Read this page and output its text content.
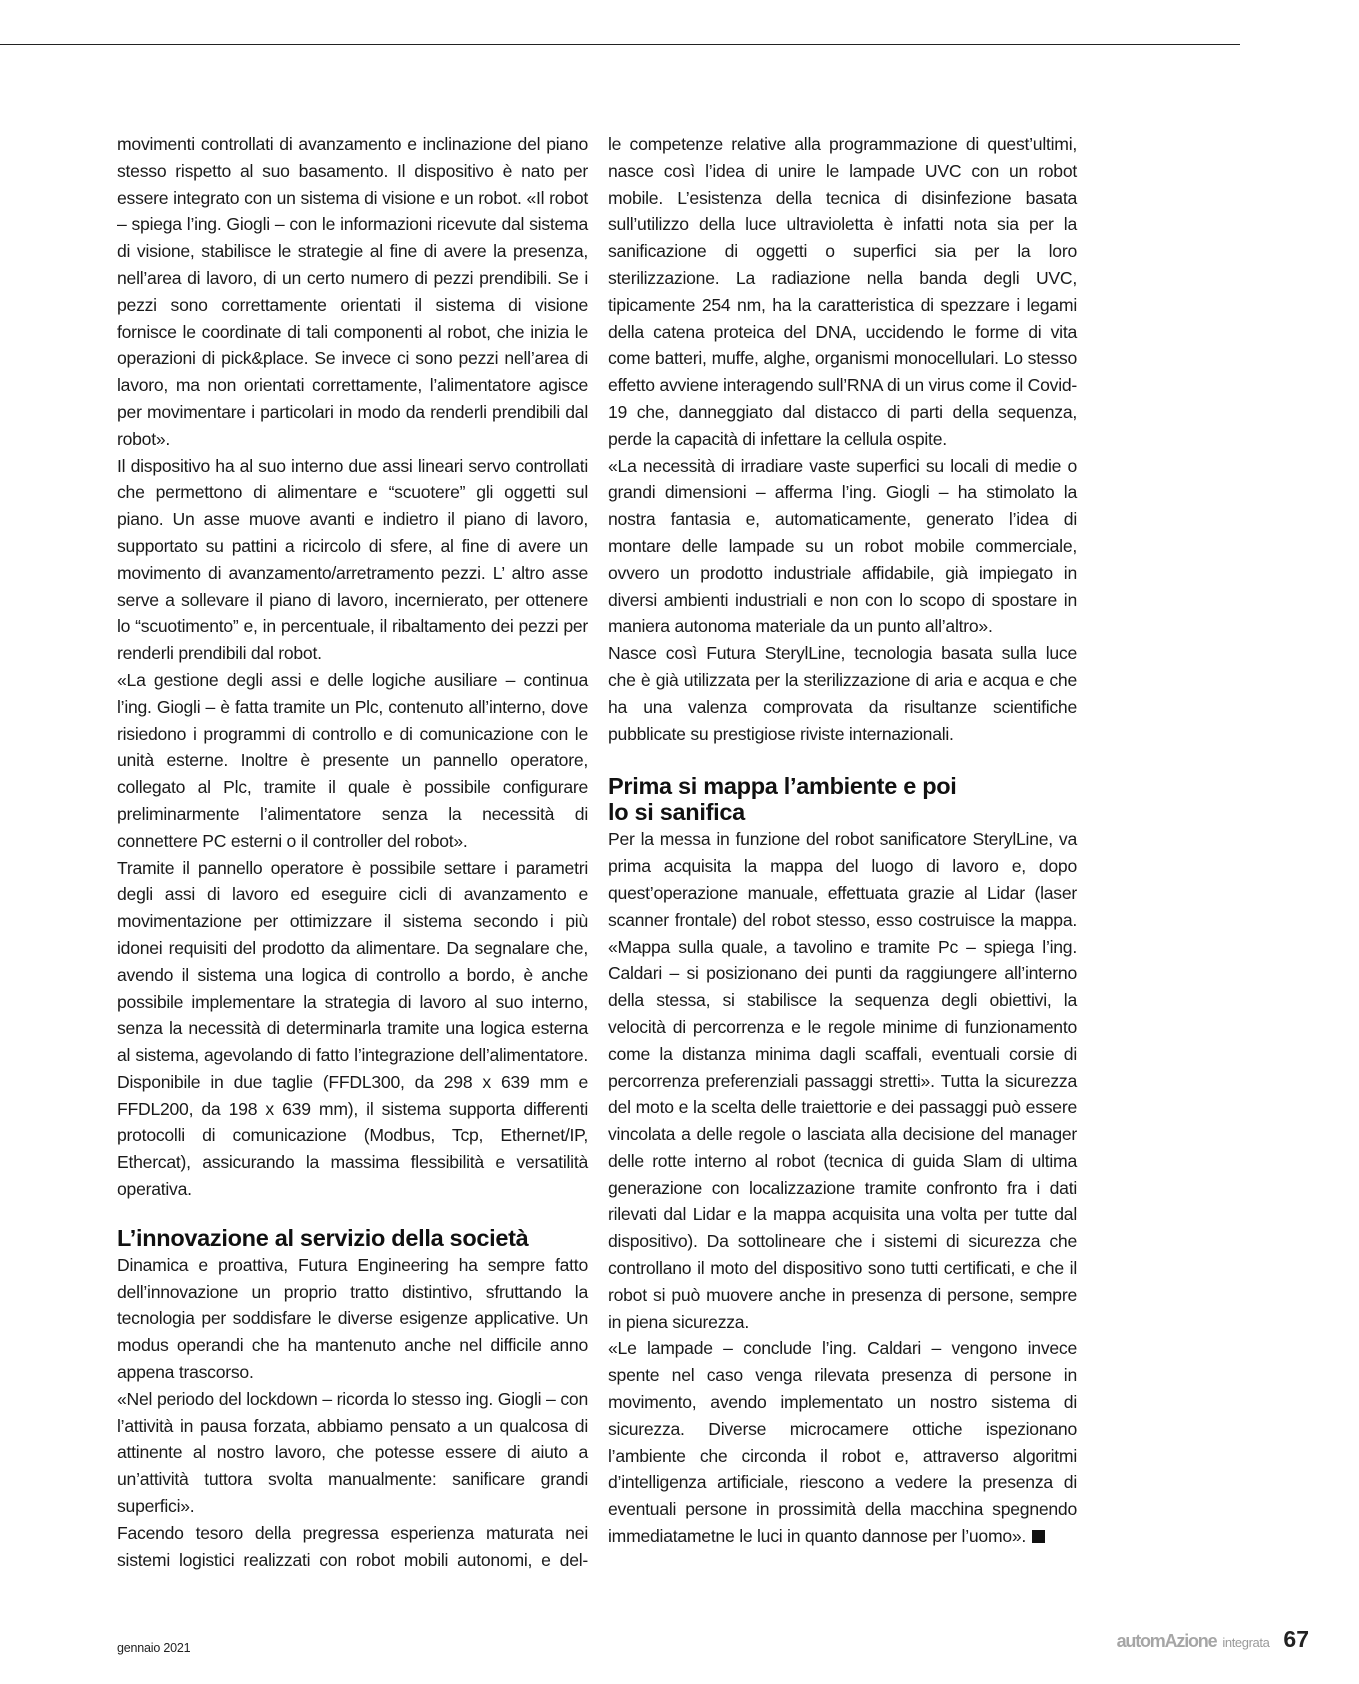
movimenti controllati di avanzamento e inclinazione del piano stesso rispetto al suo basamento. Il dispositivo è nato per essere integrato con un sistema di visione e un robot. «Il robot – spiega l’ing. Giogli – con le informazioni ricevute dal sistema di visione, stabilisce le strategie al fine di avere la presenza, nell’area di lavoro, di un certo numero di pezzi prendibili. Se i pezzi sono correttamente orientati il sistema di visione fornisce le coordinate di tali componenti al robot, che inizia le operazioni di pick&place. Se invece ci sono pezzi nell’area di lavoro, ma non orientati correttamente, l’alimentatore agisce per movimentare i particolari in modo da renderli prendibili dal robot».

Il dispositivo ha al suo interno due assi lineari servo controllati che permettono di alimentare e “scuotere” gli oggetti sul piano. Un asse muove avanti e indietro il piano di lavoro, supportato su pattini a ricircolo di sfere, al fine di avere un movimento di avanzamento/arretramento pezzi. L’ altro asse serve a sollevare il piano di lavoro, incernierato, per ottenere lo “scuotimento” e, in percentuale, il ribaltamento dei pezzi per renderli prendibili dal robot.

«La gestione degli assi e delle logiche ausiliare – continua l’ing. Giogli – è fatta tramite un Plc, contenuto all’interno, dove risiedono i programmi di controllo e di comunicazione con le unità esterne. Inoltre è presente un pannello operatore, collegato al Plc, tramite il quale è possibile configurare preliminarmente l’alimentatore senza la necessità di connettere PC esterni o il controller del robot».

Tramite il pannello operatore è possibile settare i parametri degli assi di lavoro ed eseguire cicli di avanzamento e movimentazione per ottimizzare il sistema secondo i più idonei requisiti del prodotto da alimentare. Da segnalare che, avendo il sistema una logica di controllo a bordo, è anche possibile implementare la strategia di lavoro al suo interno, senza la necessità di determinarla tramite una logica esterna al sistema, agevolando di fatto l’integrazione dell’alimentatore. Disponibile in due taglie (FFDL300, da 298 x 639 mm e FFDL200, da 198 x 639 mm), il sistema supporta differenti protocolli di comunicazione (Modbus, Tcp, Ethernet/IP, Ethercat), assicurando la massima flessibilità e versatilità operativa.

L’innovazione al servizio della società

Dinamica e proattiva, Futura Engineering ha sempre fatto dell’innovazione un proprio tratto distintivo, sfruttando la tecnologia per soddisfare le diverse esigenze applicative. Un modus operandi che ha mantenuto anche nel difficile anno appena trascorso.

«Nel periodo del lockdown – ricorda lo stesso ing. Giogli – con l’attività in pausa forzata, abbiamo pensato a un qualcosa di attinente al nostro lavoro, che potesse essere di aiuto a un’attività tuttora svolta manualmente: sanificare grandi superfici».

Facendo tesoro della pregressa esperienza maturata nei sistemi logistici realizzati con robot mobili autonomi, e del-

le competenze relative alla programmazione di quest’ultimi, nasce così l’idea di unire le lampade UVC con un robot mobile. L’esistenza della tecnica di disinfezione basata sull’utilizzo della luce ultravioletta è infatti nota sia per la sanificazione di oggetti o superfici sia per la loro sterilizzazione. La radiazione nella banda degli UVC, tipicamente 254 nm, ha la caratteristica di spezzare i legami della catena proteica del DNA, uccidendo le forme di vita come batteri, muffe, alghe, organismi monocellulari. Lo stesso effetto avviene interagendo sull’RNA di un virus come il Covid-19 che, danneggiato dal distacco di parti della sequenza, perde la capacità di infettare la cellula ospite.

«La necessità di irradiare vaste superfici su locali di medie o grandi dimensioni – afferma l’ing. Giogli – ha stimolato la nostra fantasia e, automaticamente, generato l’idea di montare delle lampade su un robot mobile commerciale, ovvero un prodotto industriale affidabile, già impiegato in diversi ambienti industriali e non con lo scopo di spostare in maniera autonoma materiale da un punto all’altro».

Nasce così Futura SterylLine, tecnologia basata sulla luce che è già utilizzata per la sterilizzazione di aria e acqua e che ha una valenza comprovata da risultanze scientifiche pubblicate su prestigiose riviste internazionali.

Prima si mappa l’ambiente e poi lo si sanifica

Per la messa in funzione del robot sanificatore SterylLine, va prima acquisita la mappa del luogo di lavoro e, dopo quest’operazione manuale, effettuata grazie al Lidar (laser scanner frontale) del robot stesso, esso costruisce la mappa. «Mappa sulla quale, a tavolino e tramite Pc – spiega l’ing. Caldari – si posizionano dei punti da raggiungere all’interno della stessa, si stabilisce la sequenza degli obiettivi, la velocità di percorrenza e le regole minime di funzionamento come la distanza minima dagli scaffali, eventuali corsie di percorrenza preferenziali passaggi stretti». Tutta la sicurezza del moto e la scelta delle traiettorie e dei passaggi può essere vincolata a delle regole o lasciata alla decisione del manager delle rotte interno al robot (tecnica di guida Slam di ultima generazione con localizzazione tramite confronto fra i dati rilevati dal Lidar e la mappa acquisita una volta per tutte dal dispositivo). Da sottolineare che i sistemi di sicurezza che controllano il moto del dispositivo sono tutti certificati, e che il robot si può muovere anche in presenza di persone, sempre in piena sicurezza.

«Le lampade – conclude l’ing. Caldari – vengono invece spente nel caso venga rilevata presenza di persone in movimento, avendo implementato un nostro sistema di sicurezza. Diverse microcamere ottiche ispezionano l’ambiente che circonda il robot e, attraverso algoritmi d’intelligenza artificiale, riescono a vedere la presenza di eventuali persone in prossimità della macchina spegnendo immediatametne le luci in quanto dannose per l’uomo».

gennaio 2021	automAzione integrata 67
